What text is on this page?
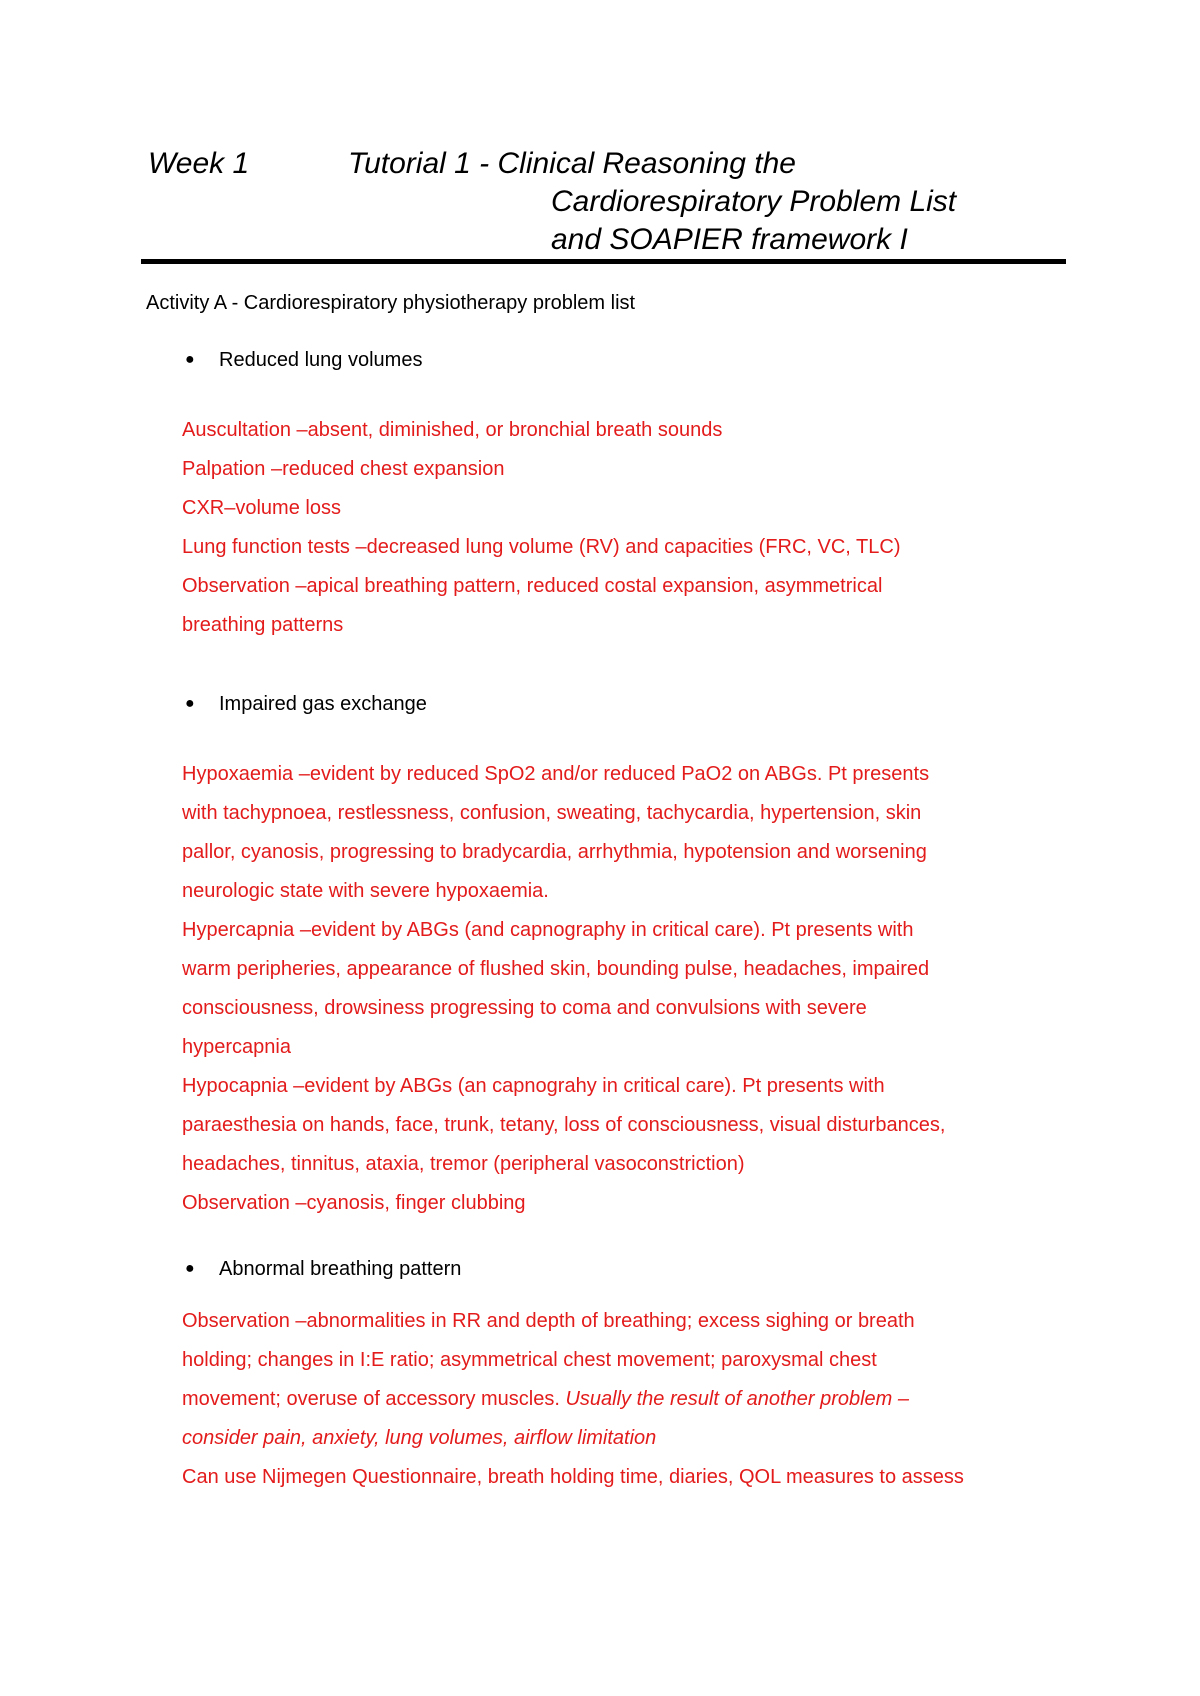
Week 1	Tutorial 1 - Clinical Reasoning the
Cardiorespiratory Problem List
and SOAPIER framework I
Activity A - Cardiorespiratory physiotherapy problem list
● Reduced lung volumes
Auscultation –absent, diminished, or bronchial breath sounds
Palpation –reduced chest expansion
CXR–volume loss
Lung function tests –decreased lung volume (RV) and capacities (FRC, VC, TLC)
Observation –apical breathing pattern, reduced costal expansion, asymmetrical
breathing patterns
● Impaired gas exchange
Hypoxaemia –evident by reduced SpO2 and/or reduced PaO2 on ABGs. Pt presents
with tachypnoea, restlessness, confusion, sweating, tachycardia, hypertension, skin
pallor, cyanosis, progressing to bradycardia, arrhythmia, hypotension and worsening
neurologic state with severe hypoxaemia.
Hypercapnia –evident by ABGs (and capnography in critical care). Pt presents with
warm peripheries, appearance of flushed skin, bounding pulse, headaches, impaired
consciousness, drowsiness progressing to coma and convulsions with severe
hypercapnia
Hypocapnia –evident by ABGs (an capnograhy in critical care). Pt presents with
paraesthesia on hands, face, trunk, tetany, loss of consciousness, visual disturbances,
headaches, tinnitus, ataxia, tremor (peripheral vasoconstriction)
Observation –cyanosis, finger clubbing
● Abnormal breathing pattern
Observation –abnormalities in RR and depth of breathing; excess sighing or breath
holding; changes in I:E ratio; asymmetrical chest movement; paroxysmal chest
movement; overuse of accessory muscles. Usually the result of another problem –
consider pain, anxiety, lung volumes, airflow limitation
Can use Nijmegen Questionnaire, breath holding time, diaries, QOL measures to assess
